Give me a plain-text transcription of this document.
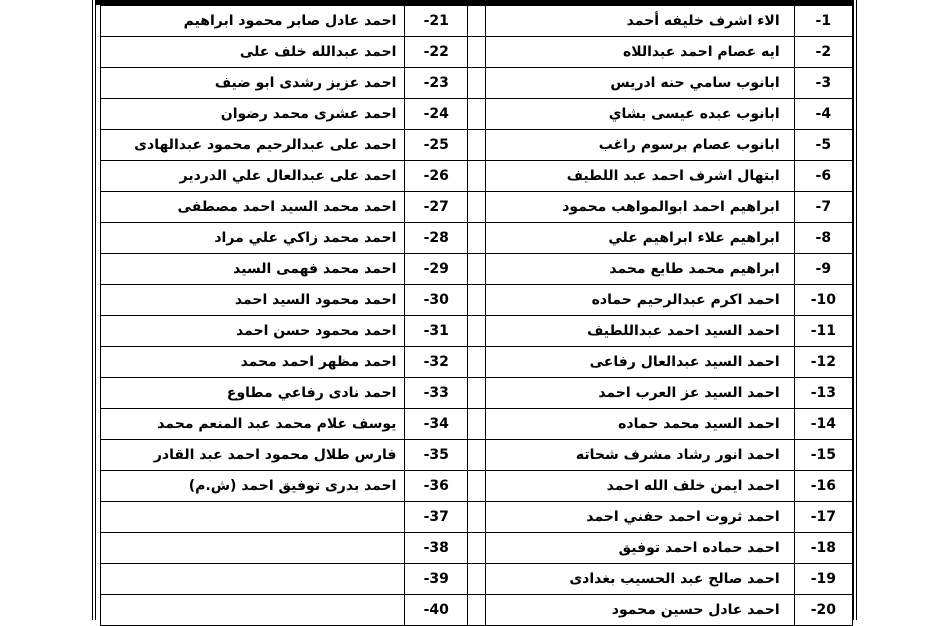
-1	الاء اشرف خليفه أحمد		-21	احمد عادل صابر محمود ابراهيم
-2	ايه عصام احمد عبداللاه		-22	احمد عبدالله خلف على
-3	ابانوب سامي حنه ادريس		-23	احمد عزيز رشدى ابو ضيف
-4	ابانوب عبده عيسى بشاي		-24	احمد عشرى محمد رضوان
-5	ابانوب عصام برسوم راغب		-25	احمد على عبدالرحيم محمود عبدالهادى
-6	ابتهال اشرف احمد عبد اللطيف		-26	احمد على عبدالعال علي الدردير
-7	ابراهيم احمد ابوالمواهب محمود		-27	احمد محمد السيد احمد مصطفى
-8	ابراهيم علاء ابراهيم علي		-28	احمد محمد زاكي علي مراد
-9	ابراهيم محمد طايع محمد		-29	احمد محمد فهمى السيد
-10	احمد اكرم عبدالرحيم حماده		-30	احمد محمود السيد احمد
-11	احمد السيد احمد عبداللطيف		-31	احمد محمود حسن احمد
-12	احمد السيد عبدالعال رفاعى		-32	احمد مظهر احمد محمد
-13	احمد السيد عز العرب احمد		-33	احمد نادى رفاعي مطاوع
-14	احمد السيد محمد حماده		-34	يوسف علام محمد عبد المنعم محمد
-15	احمد انور رشاد مشرف شحاته		-35	فارس طلال محمود احمد عبد القادر
-16	احمد ايمن خلف الله احمد		-36	احمد بدرى توفيق احمد (ش.م)
-17	احمد ثروت احمد حفني احمد		-37	
-18	احمد حماده احمد توفيق		-38	
-19	احمد صالح عبد الحسيب بغدادى		-39	
-20	احمد عادل حسين محمود		-40	
